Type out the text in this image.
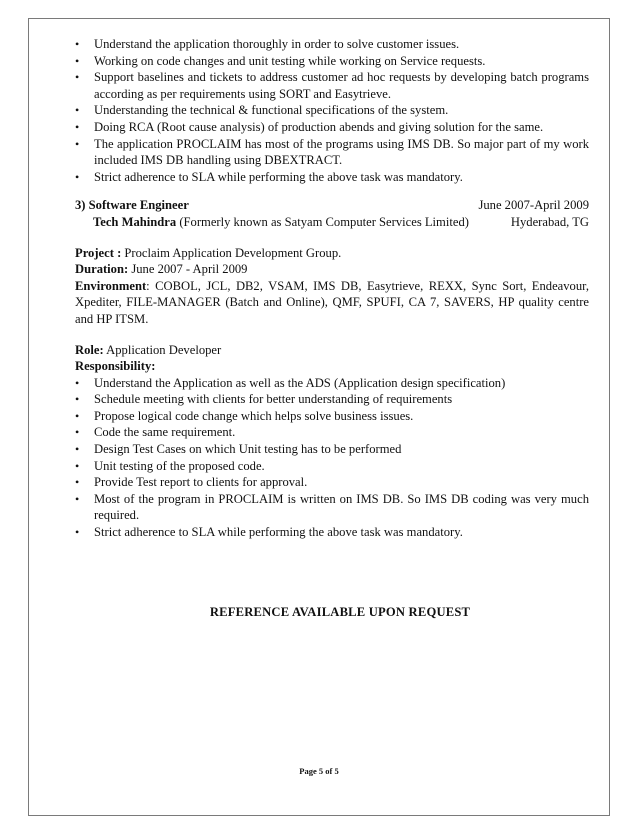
• Understand the application thoroughly in order to solve customer issues.
• Working on code changes and unit testing while working on Service requests.
• Support baselines and tickets to address customer ad hoc requests by developing batch programs according as per requirements using SORT and Easytrieve.
• Understanding the technical & functional specifications of the system.
• Doing RCA (Root cause analysis) of production abends and giving solution for the same.
• The application PROCLAIM has most of the programs using IMS DB. So major part of my work included IMS DB handling using DBEXTRACT.
• Strict adherence to SLA while performing the above task was mandatory.
3) Software Engineer	June 2007-April 2009
Tech Mahindra (Formerly known as Satyam Computer Services Limited)	Hyderabad, TG
Project : Proclaim Application Development Group.
Duration: June 2007 - April 2009
Environment: COBOL, JCL, DB2, VSAM, IMS DB, Easytrieve, REXX, Sync Sort, Endeavour, Xpediter, FILE-MANAGER (Batch and Online), QMF, SPUFI, CA 7, SAVERS, HP quality centre and HP ITSM.
Role: Application Developer
Responsibility:
• Understand the Application as well as the ADS (Application design specification)
• Schedule meeting with clients for better understanding of requirements
• Propose logical code change which helps solve business issues.
• Code the same requirement.
• Design Test Cases on which Unit testing has to be performed
• Unit testing of the proposed code.
• Provide Test report to clients for approval.
• Most of the program in PROCLAIM is written on IMS DB. So IMS DB coding was very much required.
• Strict adherence to SLA while performing the above task was mandatory.
REFERENCE AVAILABLE UPON REQUEST
Page 5 of 5
